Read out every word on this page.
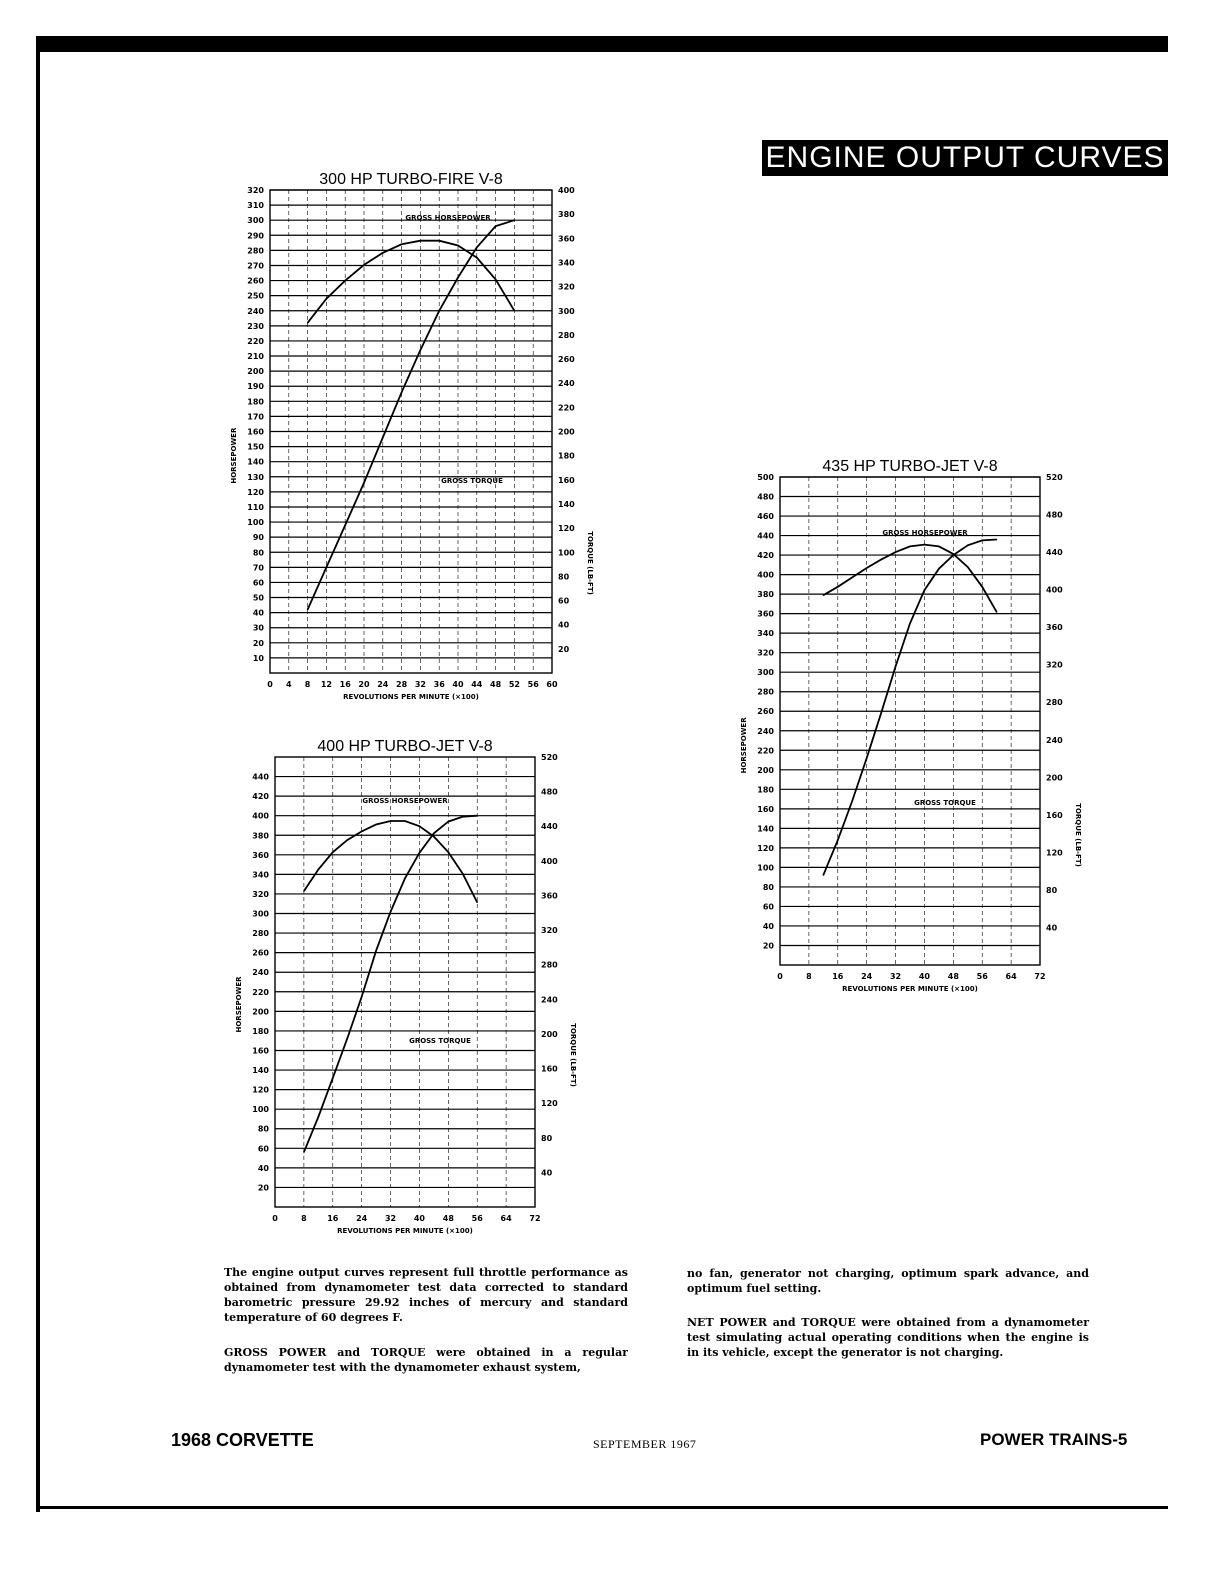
ENGINE OUTPUT CURVES
300 HP TURBO-FIRE V-8
10
20
30
40
50
60
70
80
90
100
110
120
130
140
150
160
170
180
190
200
210
220
230
240
250
260
270
280
290
300
310
320
20
40
60
80
100
120
140
160
180
200
220
240
260
280
300
320
340
360
380
400
0 4 8 12 16 20 24 28 32 36 40 44 48 52 56 60
REVOLUTIONS PER MINUTE (×100)
HORSEPOWER
TORQUE (LB-FT)
GROSS HORSEPOWER
GROSS TORQUE
400 HP TURBO-JET V-8
20
40
60
80
100
120
140
160
180
200
220
240
260
280
300
320
340
360
380
400
420
440
40
80
120
160
200
240
280
320
360
400
440
480
520
0	8	16 24 32 40 48 56 64 72
REVOLUTIONS PER MINUTE (×100)
HORSEPOWER
TORQUE (LB-FT)
GROSS HORSEPOWER
GROSS TORQUE
435 HP TURBO-JET V-8
20
40
60
80
100
120
140
160
180
200
220
240
260
280
300
320
340
360
380
400
420
440
460
480
500
40
80
120
160
200
240
280
320
360
400
440
480
520
0	8	16 24 32 40 48 56 64 72
REVOLUTIONS PER MINUTE (×100)
HORSEPOWER
TORQUE (LB-FT)
GROSS HORSEPOWER
GROSS TORQUE

The engine output curves represent full throttle performance as obtained from dynamometer test data corrected to standard barometric pressure 29.92 inches of mercury and standard temperature of 60 degrees F.

GROSS POWER and TORQUE were obtained in a regular dynamometer test with the dynamometer exhaust system,

NET POWER and TORQUE were obtained from a dynamometer test simulating actual operating conditions when the engine is in its vehicle, except the generator is not charging.

1968 CORVETTE	SEPTEMBER 1967	POWER TRAINS-5

no fan, generator not charging, optimum spark advance, and optimum fuel setting.
